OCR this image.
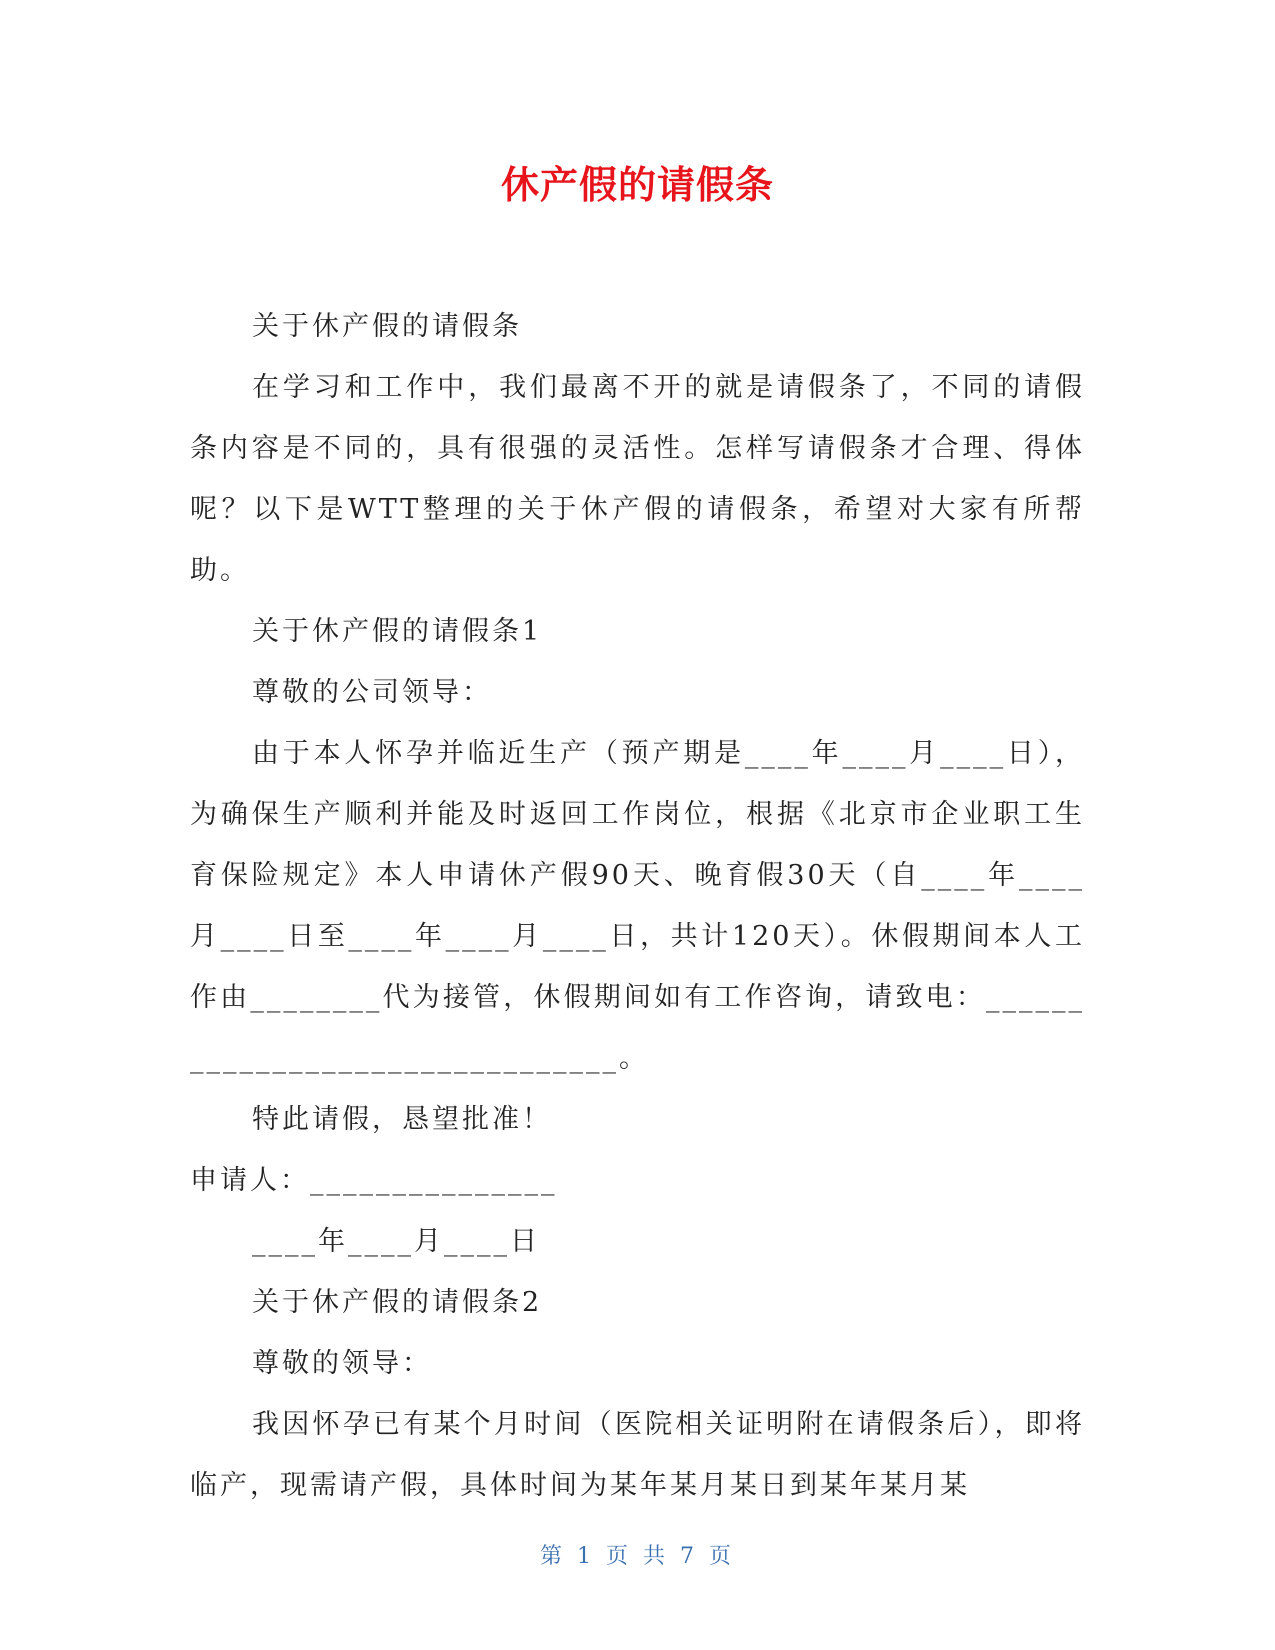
休产假的请假条

关于休产假的请假条

在学习和工作中，我们最离不开的就是请假条了，不同的请假条内容是不同的，具有很强的灵活性。怎样写请假条才合理、得体呢？以下是WTT整理的关于休产假的请假条，希望对大家有所帮助。

关于休产假的请假条1

尊敬的公司领导：

由于本人怀孕并临近生产（预产期是____年____月____日），为确保生产顺利并能及时返回工作岗位，根据《北京市企业职工生育保险规定》本人申请休产假90天、晚育假30天（自____年____月____日至____年____月____日，共计120天）。休假期间本人工作由________代为接管，休假期间如有工作咨询，请致电：________________________________。

特此请假，恳望批准！

申请人：_______________

____年____月____日

关于休产假的请假条2

尊敬的领导：

我因怀孕已有某个月时间（医院相关证明附在请假条后），即将临产，现需请产假，具体时间为某年某月某日到某年某月某

第 1 页 共 7 页
